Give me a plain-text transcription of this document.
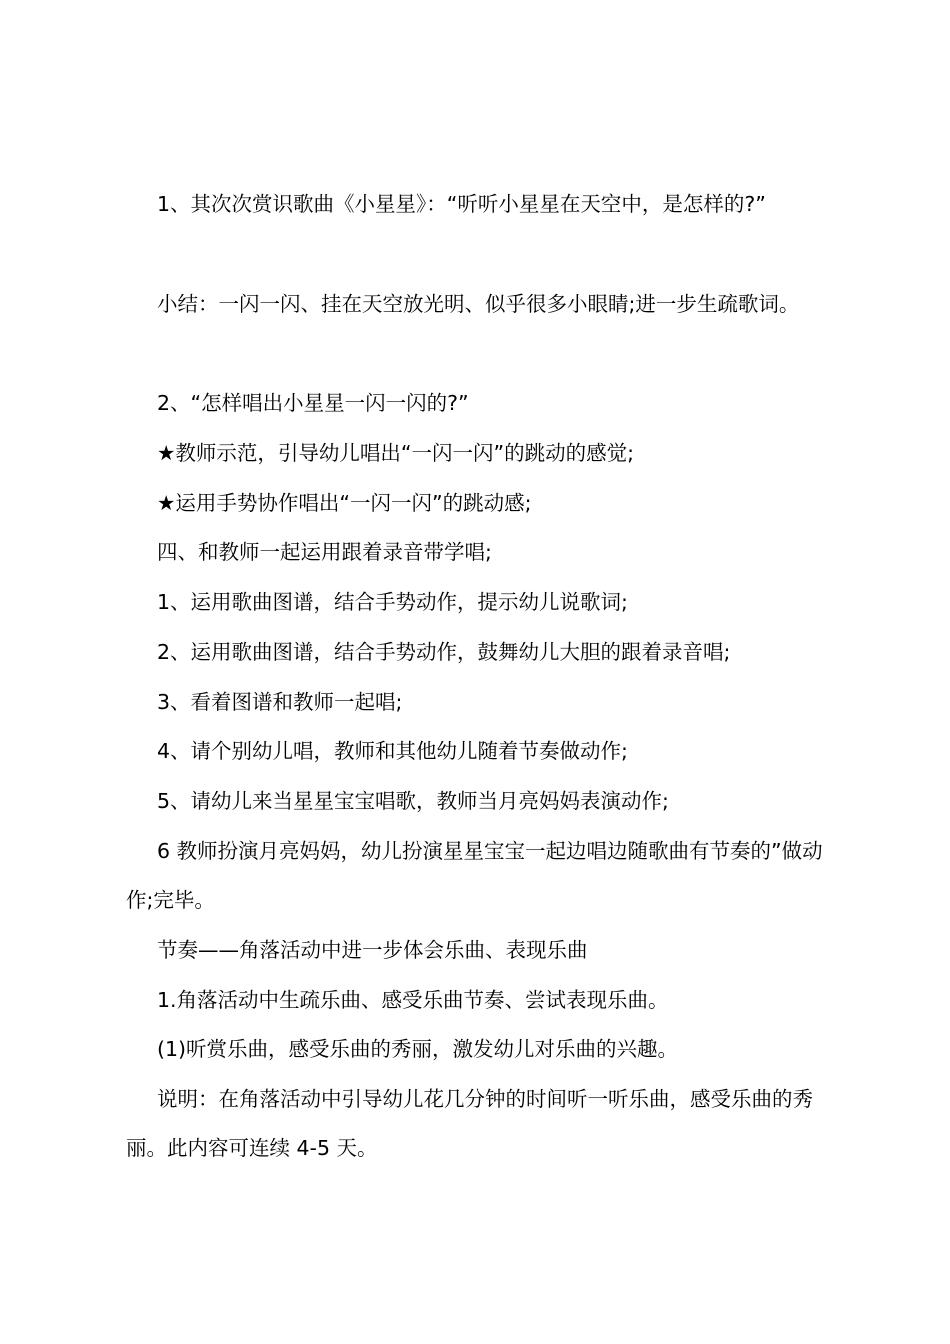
1、其次次赏识歌曲《小星星》：“听听小星星在天空中，是怎样的?”

小结：一闪一闪、挂在天空放光明、似乎很多小眼睛;进一步生疏歌词。

2、“怎样唱出小星星一闪一闪的?”

★教师示范，引导幼儿唱出“一闪一闪”的跳动的感觉;

★运用手势协作唱出“一闪一闪”的跳动感;

四、和教师一起运用跟着录音带学唱;

1、运用歌曲图谱，结合手势动作，提示幼儿说歌词;

2、运用歌曲图谱，结合手势动作，鼓舞幼儿大胆的跟着录音唱;

3、看着图谱和教师一起唱;

4、请个别幼儿唱，教师和其他幼儿随着节奏做动作;

5、请幼儿来当星星宝宝唱歌，教师当月亮妈妈表演动作;

6 教师扮演月亮妈妈，幼儿扮演星星宝宝一起边唱边随歌曲有节奏的”做动作;完毕。

节奏——角落活动中进一步体会乐曲、表现乐曲

1.角落活动中生疏乐曲、感受乐曲节奏、尝试表现乐曲。

(1)听赏乐曲，感受乐曲的秀丽，激发幼儿对乐曲的兴趣。

说明：在角落活动中引导幼儿花几分钟的时间听一听乐曲，感受乐曲的秀丽。此内容可连续 4-5 天。
